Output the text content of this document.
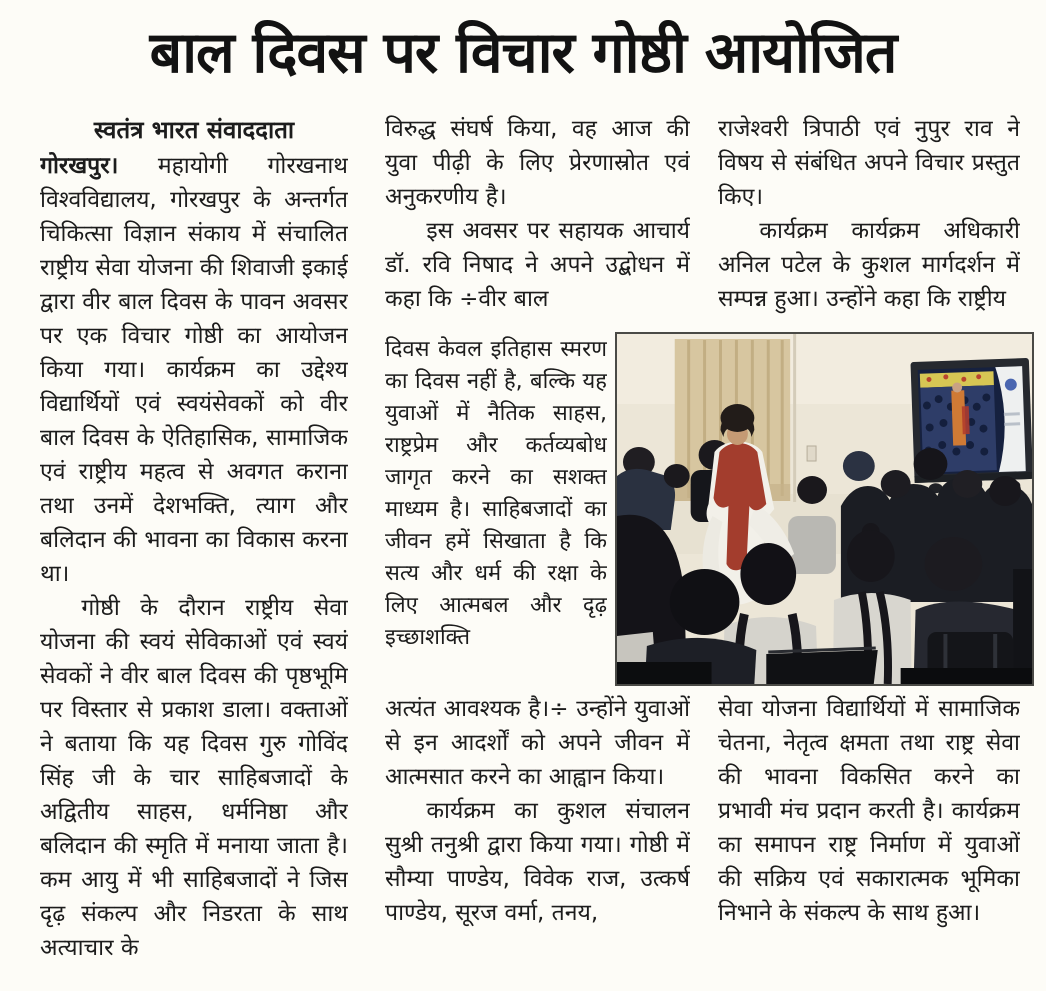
बाल दिवस पर विचार गोष्ठी आयोजित
स्वतंत्र भारत संवाददाता

गोरखपुर। महायोगी गोरखनाथ विश्वविद्यालय, गोरखपुर के अन्तर्गत चिकित्सा विज्ञान संकाय में संचालित राष्ट्रीय सेवा योजना की शिवाजी इकाई द्वारा वीर बाल दिवस के पावन अवसर पर एक विचार गोष्ठी का आयोजन किया गया। कार्यक्रम का उद्देश्य विद्यार्थियों एवं स्वयंसेवकों को वीर बाल दिवस के ऐतिहासिक, सामाजिक एवं राष्ट्रीय महत्व से अवगत कराना तथा उनमें देशभक्ति, त्याग और बलिदान की भावना का विकास करना था।

गोष्ठी के दौरान राष्ट्रीय सेवा योजना की स्वयं सेविकाओं एवं स्वयं सेवकों ने वीर बाल दिवस की पृष्ठभूमि पर विस्तार से प्रकाश डाला। वक्ताओं ने बताया कि यह दिवस गुरु गोविंद सिंह जी के चार साहिबजादों के अद्वितीय साहस, धर्मनिष्ठा और बलिदान की स्मृति में मनाया जाता है। कम आयु में भी साहिबजादों ने जिस दृढ़ संकल्प और निडरता के साथ अत्याचार के

विरुद्ध संघर्ष किया, वह आज की युवा पीढ़ी के लिए प्रेरणास्रोत एवं अनुकरणीय है।

इस अवसर पर सहायक आचार्य डॉ. रवि निषाद ने अपने उद्बोधन में कहा कि ÷वीर बाल

दिवस केवल इतिहास स्मरण का दिवस नहीं है, बल्कि यह युवाओं में नैतिक साहस, राष्ट्रप्रेम और कर्तव्यबोध जागृत करने का सशक्त माध्यम है। साहिबजादों का जीवन हमें सिखाता है कि सत्य और धर्म की रक्षा के लिए आत्मबल और दृढ़ इच्छाशक्ति

अत्यंत आवश्यक है।÷ उन्होंने युवाओं से इन आदर्शों को अपने जीवन में आत्मसात करने का आह्वान किया।

कार्यक्रम का कुशल संचालन सुश्री तनुश्री द्वारा किया गया। गोष्ठी में सौम्या पाण्डेय, विवेक राज, उत्कर्ष पाण्डेय, सूरज वर्मा, तनय,

राजेश्वरी त्रिपाठी एवं नुपुर राव ने विषय से संबंधित अपने विचार प्रस्तुत किए।

कार्यक्रम कार्यक्रम अधिकारी अनिल पटेल के कुशल मार्गदर्शन में सम्पन्न हुआ। उन्होंने कहा कि राष्ट्रीय

सेवा योजना विद्यार्थियों में सामाजिक चेतना, नेतृत्व क्षमता तथा राष्ट्र सेवा की भावना विकसित करने का प्रभावी मंच प्रदान करती है। कार्यक्रम का समापन राष्ट्र निर्माण में युवाओं की सक्रिय एवं सकारात्मक भूमिका निभाने के संकल्प के साथ हुआ।
